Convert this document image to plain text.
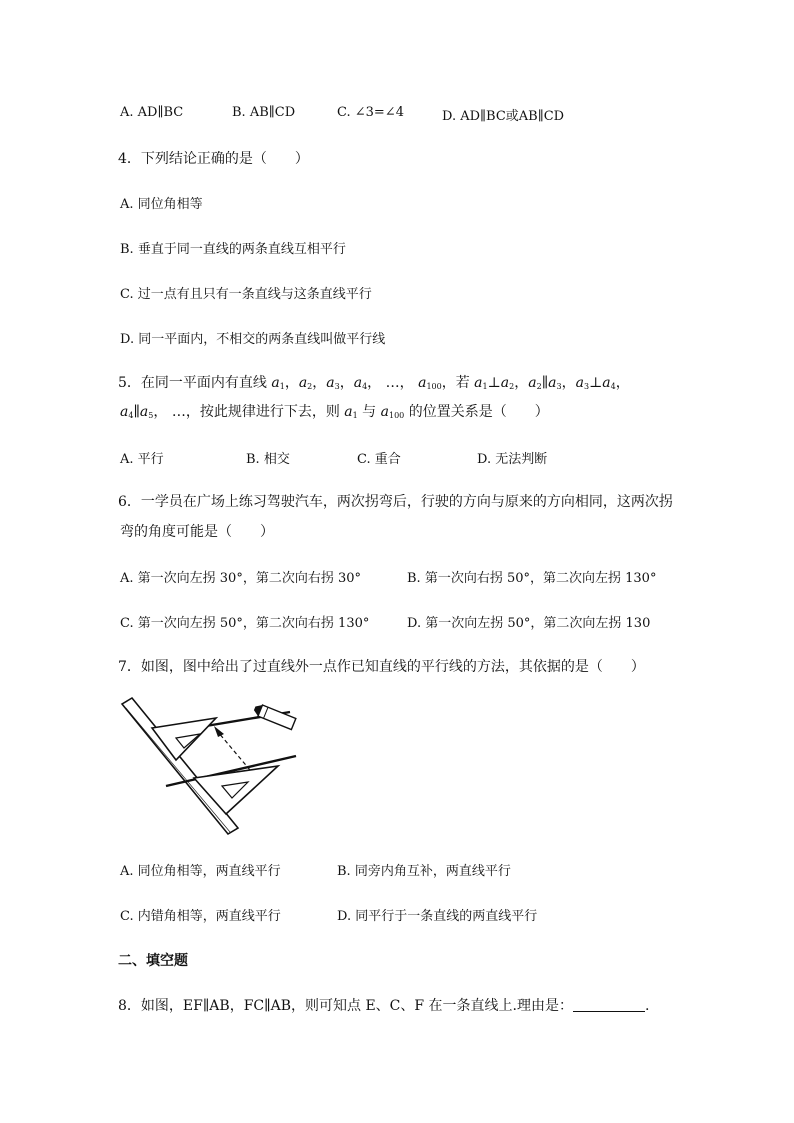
A. AD∥BC	B. AB∥CD	C. ∠3=∠4	D. AD∥BC或AB∥CD
4．下列结论正确的是（　　）
A. 同位角相等
B. 垂直于同一直线的两条直线互相平行
C. 过一点有且只有一条直线与这条直线平行
D. 同一平面内，不相交的两条直线叫做平行线
5．在同一平面内有直线 $a_1$，$a_2$，$a_3$，$a_4$， …， $a_{100}$，若 $a_1\perp a_2$，$a_2\parallel a_3$，$a_3\perp a_4$，
$a_4\parallel a_5$， …，按此规律进行下去，则 $a_1$ 与 $a_{100}$ 的位置关系是（　　）
A. 平行	B. 相交	C. 重合	D. 无法判断
6．一学员在广场上练习驾驶汽车，两次拐弯后，行驶的方向与原来的方向相同，这两次拐
弯的角度可能是（　　）
A. 第一次向左拐 30°，第二次向右拐 30°	B. 第一次向右拐 50°，第二次向左拐 130°
C. 第一次向左拐 50°，第二次向右拐 130°	D. 第一次向左拐 50°，第二次向左拐 130
7．如图，图中给出了过直线外一点作已知直线的平行线的方法，其依据的是（　　）
A. 同位角相等，两直线平行	B. 同旁内角互补，两直线平行
C. 内错角相等，两直线平行	D. 同平行于一条直线的两直线平行
二、填空题
8．如图，EF∥AB，FC∥AB，则可知点 E、C、F 在一条直线上.理由是：	.
